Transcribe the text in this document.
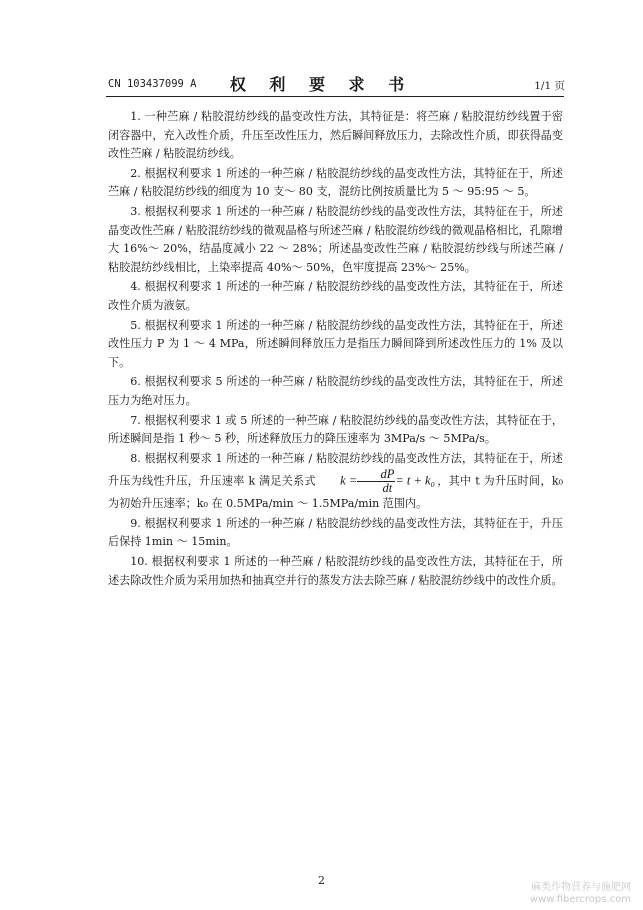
CN 103437099 A	权 利 要 求 书	1/1 页

1. 一种苎麻 / 粘胶混纺纱线的晶变改性方法，其特征是：将苎麻 / 粘胶混纺纱线置于密闭容器中，充入改性介质，升压至改性压力，然后瞬间释放压力，去除改性介质，即获得晶变改性苎麻 / 粘胶混纺纱线。

2. 根据权利要求 1 所述的一种苎麻 / 粘胶混纺纱线的晶变改性方法，其特征在于，所述苎麻 / 粘胶混纺纱线的细度为 10 支～ 80 支，混纺比例按质量比为 5 ～ 95:95 ～ 5。

3. 根据权利要求 1 所述的一种苎麻 / 粘胶混纺纱线的晶变改性方法，其特征在于，所述晶变改性苎麻 / 粘胶混纺纱线的微观晶格与所述苎麻 / 粘胶混纺纱线的微观晶格相比，孔隙增大 16%～ 20%，结晶度减小 22 ～ 28%；所述晶变改性苎麻 / 粘胶混纺纱线与所述苎麻 / 粘胶混纺纱线相比，上染率提高 40%～ 50%，色牢度提高 23%～ 25%。

4. 根据权利要求 1 所述的一种苎麻 / 粘胶混纺纱线的晶变改性方法，其特征在于，所述改性介质为液氨。

5. 根据权利要求 1 所述的一种苎麻 / 粘胶混纺纱线的晶变改性方法，其特征在于，所述改性压力 P 为 1 ～ 4 MPa，所述瞬间释放压力是指压力瞬间降到所述改性压力的 1% 及以下。

6. 根据权利要求 5 所述的一种苎麻 / 粘胶混纺纱线的晶变改性方法，其特征在于，所述压力为绝对压力。

7. 根据权利要求 1 或 5 所述的一种苎麻 / 粘胶混纺纱线的晶变改性方法，其特征在于，所述瞬间是指 1 秒～ 5 秒，所述释放压力的降压速率为 3MPa/s ～ 5MPa/s。

8. 根据权利要求 1 所述的一种苎麻 / 粘胶混纺纱线的晶变改性方法，其特征在于，所述升压为线性升压，升压速率 k 满足关系式 $k = \frac{dP}{dt} = t + k_0$ ，其中 t 为升压时间，k₀ 为初始升压速率；k₀ 在 0.5MPa/min ～ 1.5MPa/min 范围内。

9. 根据权利要求 1 所述的一种苎麻 / 粘胶混纺纱线的晶变改性方法，其特征在于，升压后保持 1min ～ 15min。

10. 根据权利要求 1 所述的一种苎麻 / 粘胶混纺纱线的晶变改性方法，其特征在于，所述去除改性介质为采用加热和抽真空并行的蒸发方法去除苎麻 / 粘胶混纺纱线中的改性介质。

2
麻类作物营养与施肥网
www.fibercrops.com
